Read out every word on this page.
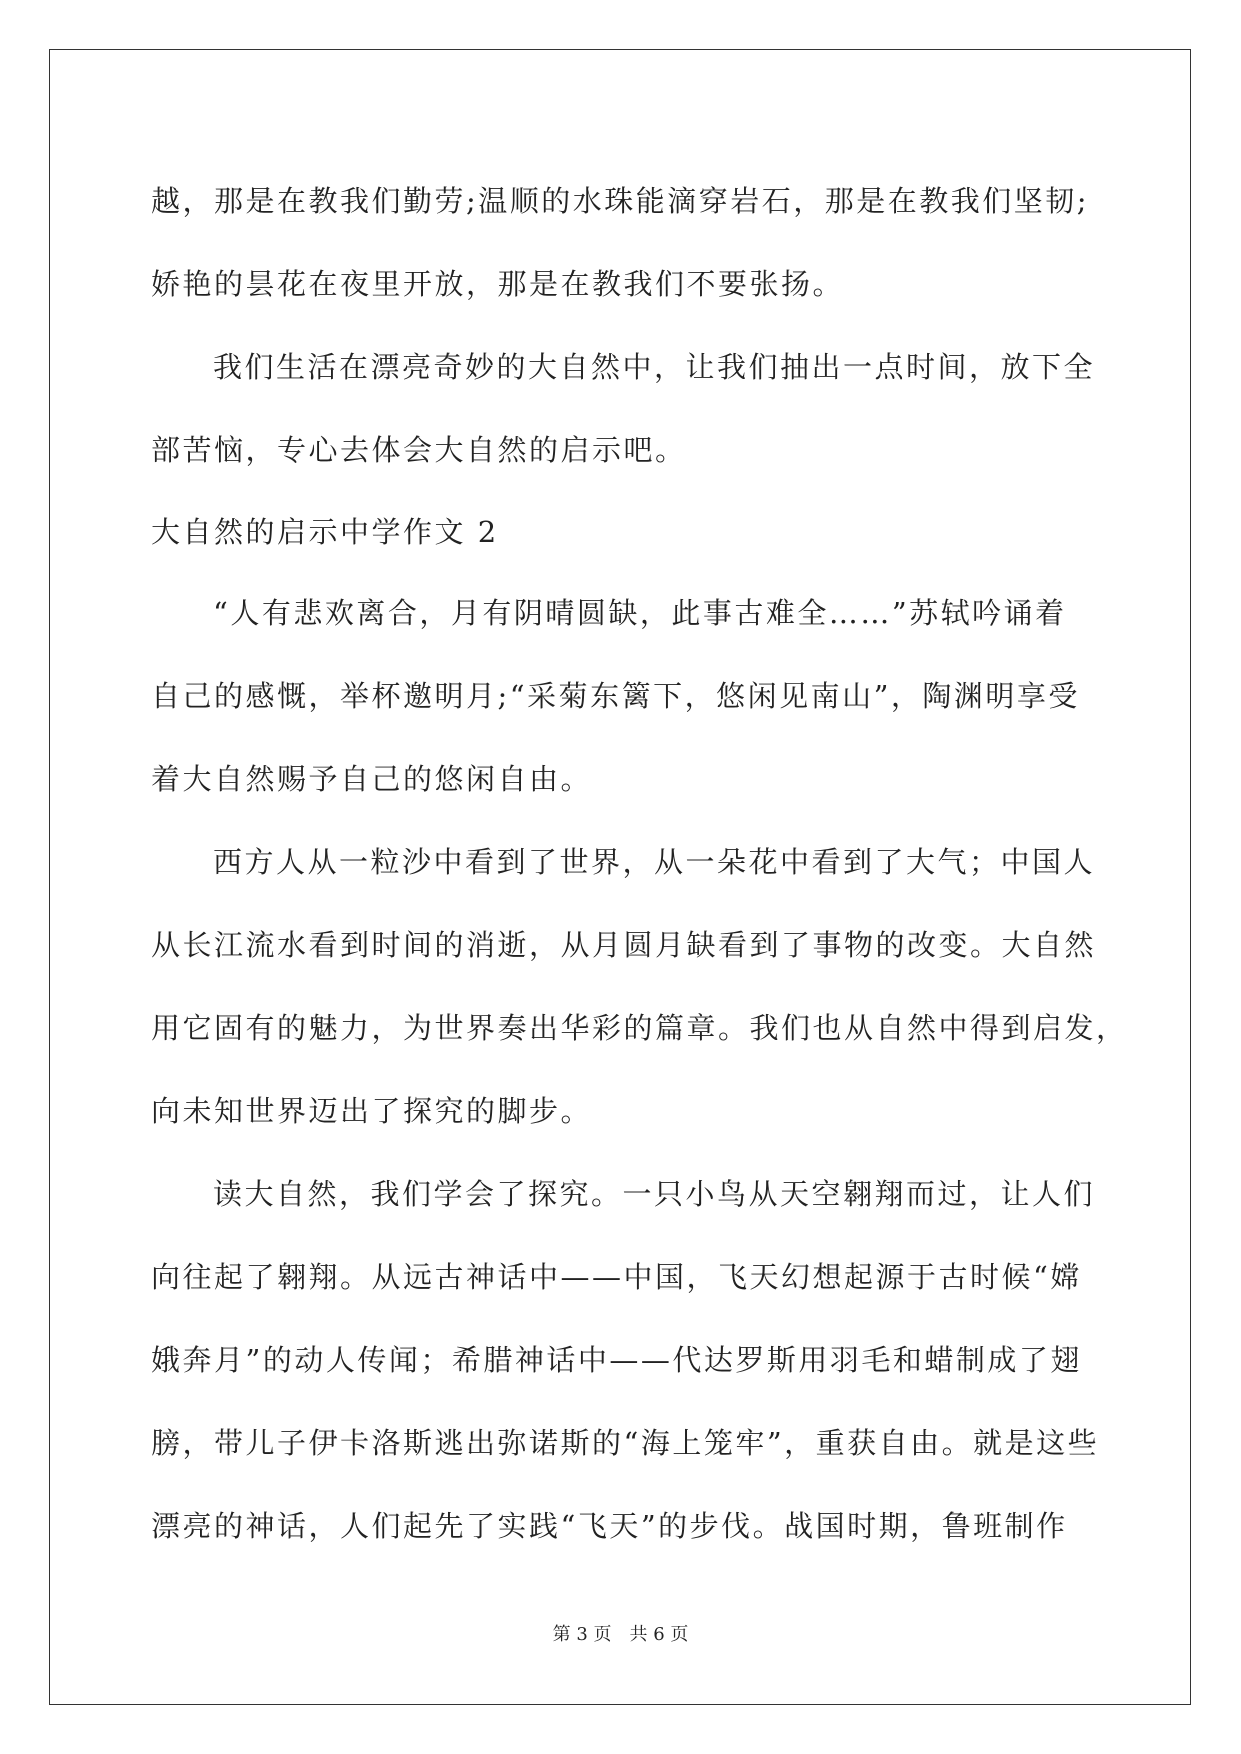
越，那是在教我们勤劳;温顺的水珠能滴穿岩石，那是在教我们坚韧;

娇艳的昙花在夜里开放，那是在教我们不要张扬。

我们生活在漂亮奇妙的大自然中，让我们抽出一点时间，放下全

部苦恼，专心去体会大自然的启示吧。

大自然的启示中学作文 2

“人有悲欢离合，月有阴晴圆缺，此事古难全……”苏轼吟诵着

自己的感慨，举杯邀明月;“采菊东篱下，悠闲见南山”，陶渊明享受

着大自然赐予自己的悠闲自由。

西方人从一粒沙中看到了世界，从一朵花中看到了大气；中国人

从长江流水看到时间的消逝，从月圆月缺看到了事物的改变。大自然

用它固有的魅力，为世界奏出华彩的篇章。我们也从自然中得到启发，

向未知世界迈出了探究的脚步。

读大自然，我们学会了探究。一只小鸟从天空翱翔而过，让人们

向往起了翱翔。从远古神话中——中国，飞天幻想起源于古时候“嫦

娥奔月”的动人传闻；希腊神话中——代达罗斯用羽毛和蜡制成了翅

膀，带儿子伊卡洛斯逃出弥诺斯的“海上笼牢”，重获自由。就是这些

漂亮的神话，人们起先了实践“飞天”的步伐。战国时期，鲁班制作

第 3 页　共 6 页
